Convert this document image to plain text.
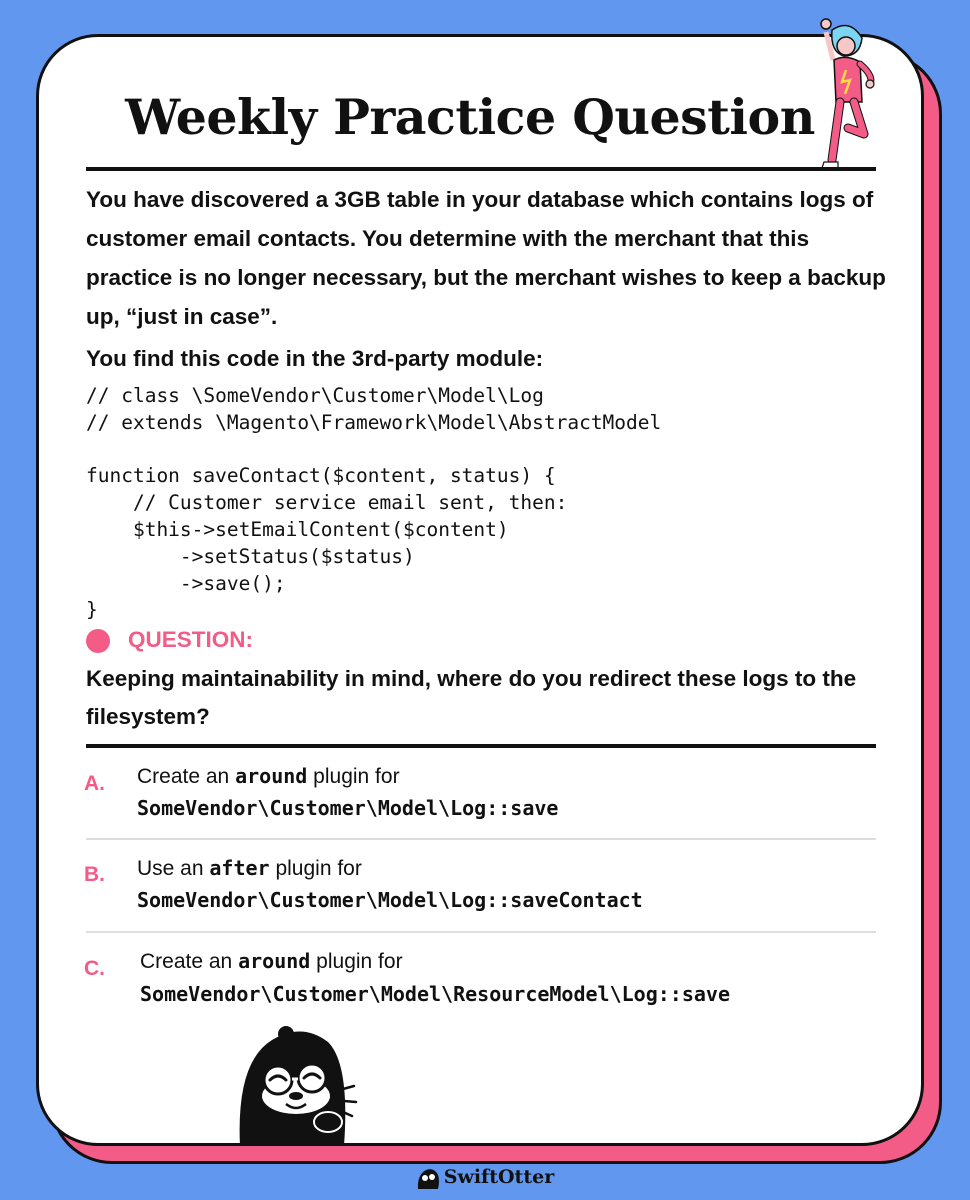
Weekly Practice Question

You have discovered a 3GB table in your database which contains logs of customer email contacts. You determine with the merchant that this practice is no longer necessary, but the merchant wishes to keep a backup up, “just in case”.

You find this code in the 3rd-party module:

// class \SomeVendor\Customer\Model\Log
// extends \Magento\Framework\Model\AbstractModel

function saveContact($content, status) {
// Customer service email sent, then:
$this->setEmailContent($content)
->setStatus($status)
->save();
}

QUESTION:

Keeping maintainability in mind, where do you redirect these logs to the filesystem?

A. Create an around plugin for
SomeVendor\Customer\Model\Log::save
B. Use an after plugin for
SomeVendor\Customer\Model\Log::saveContact
C. Create an around plugin for
SomeVendor\Customer\Model\ResourceModel\Log::save
SwiftOtter
